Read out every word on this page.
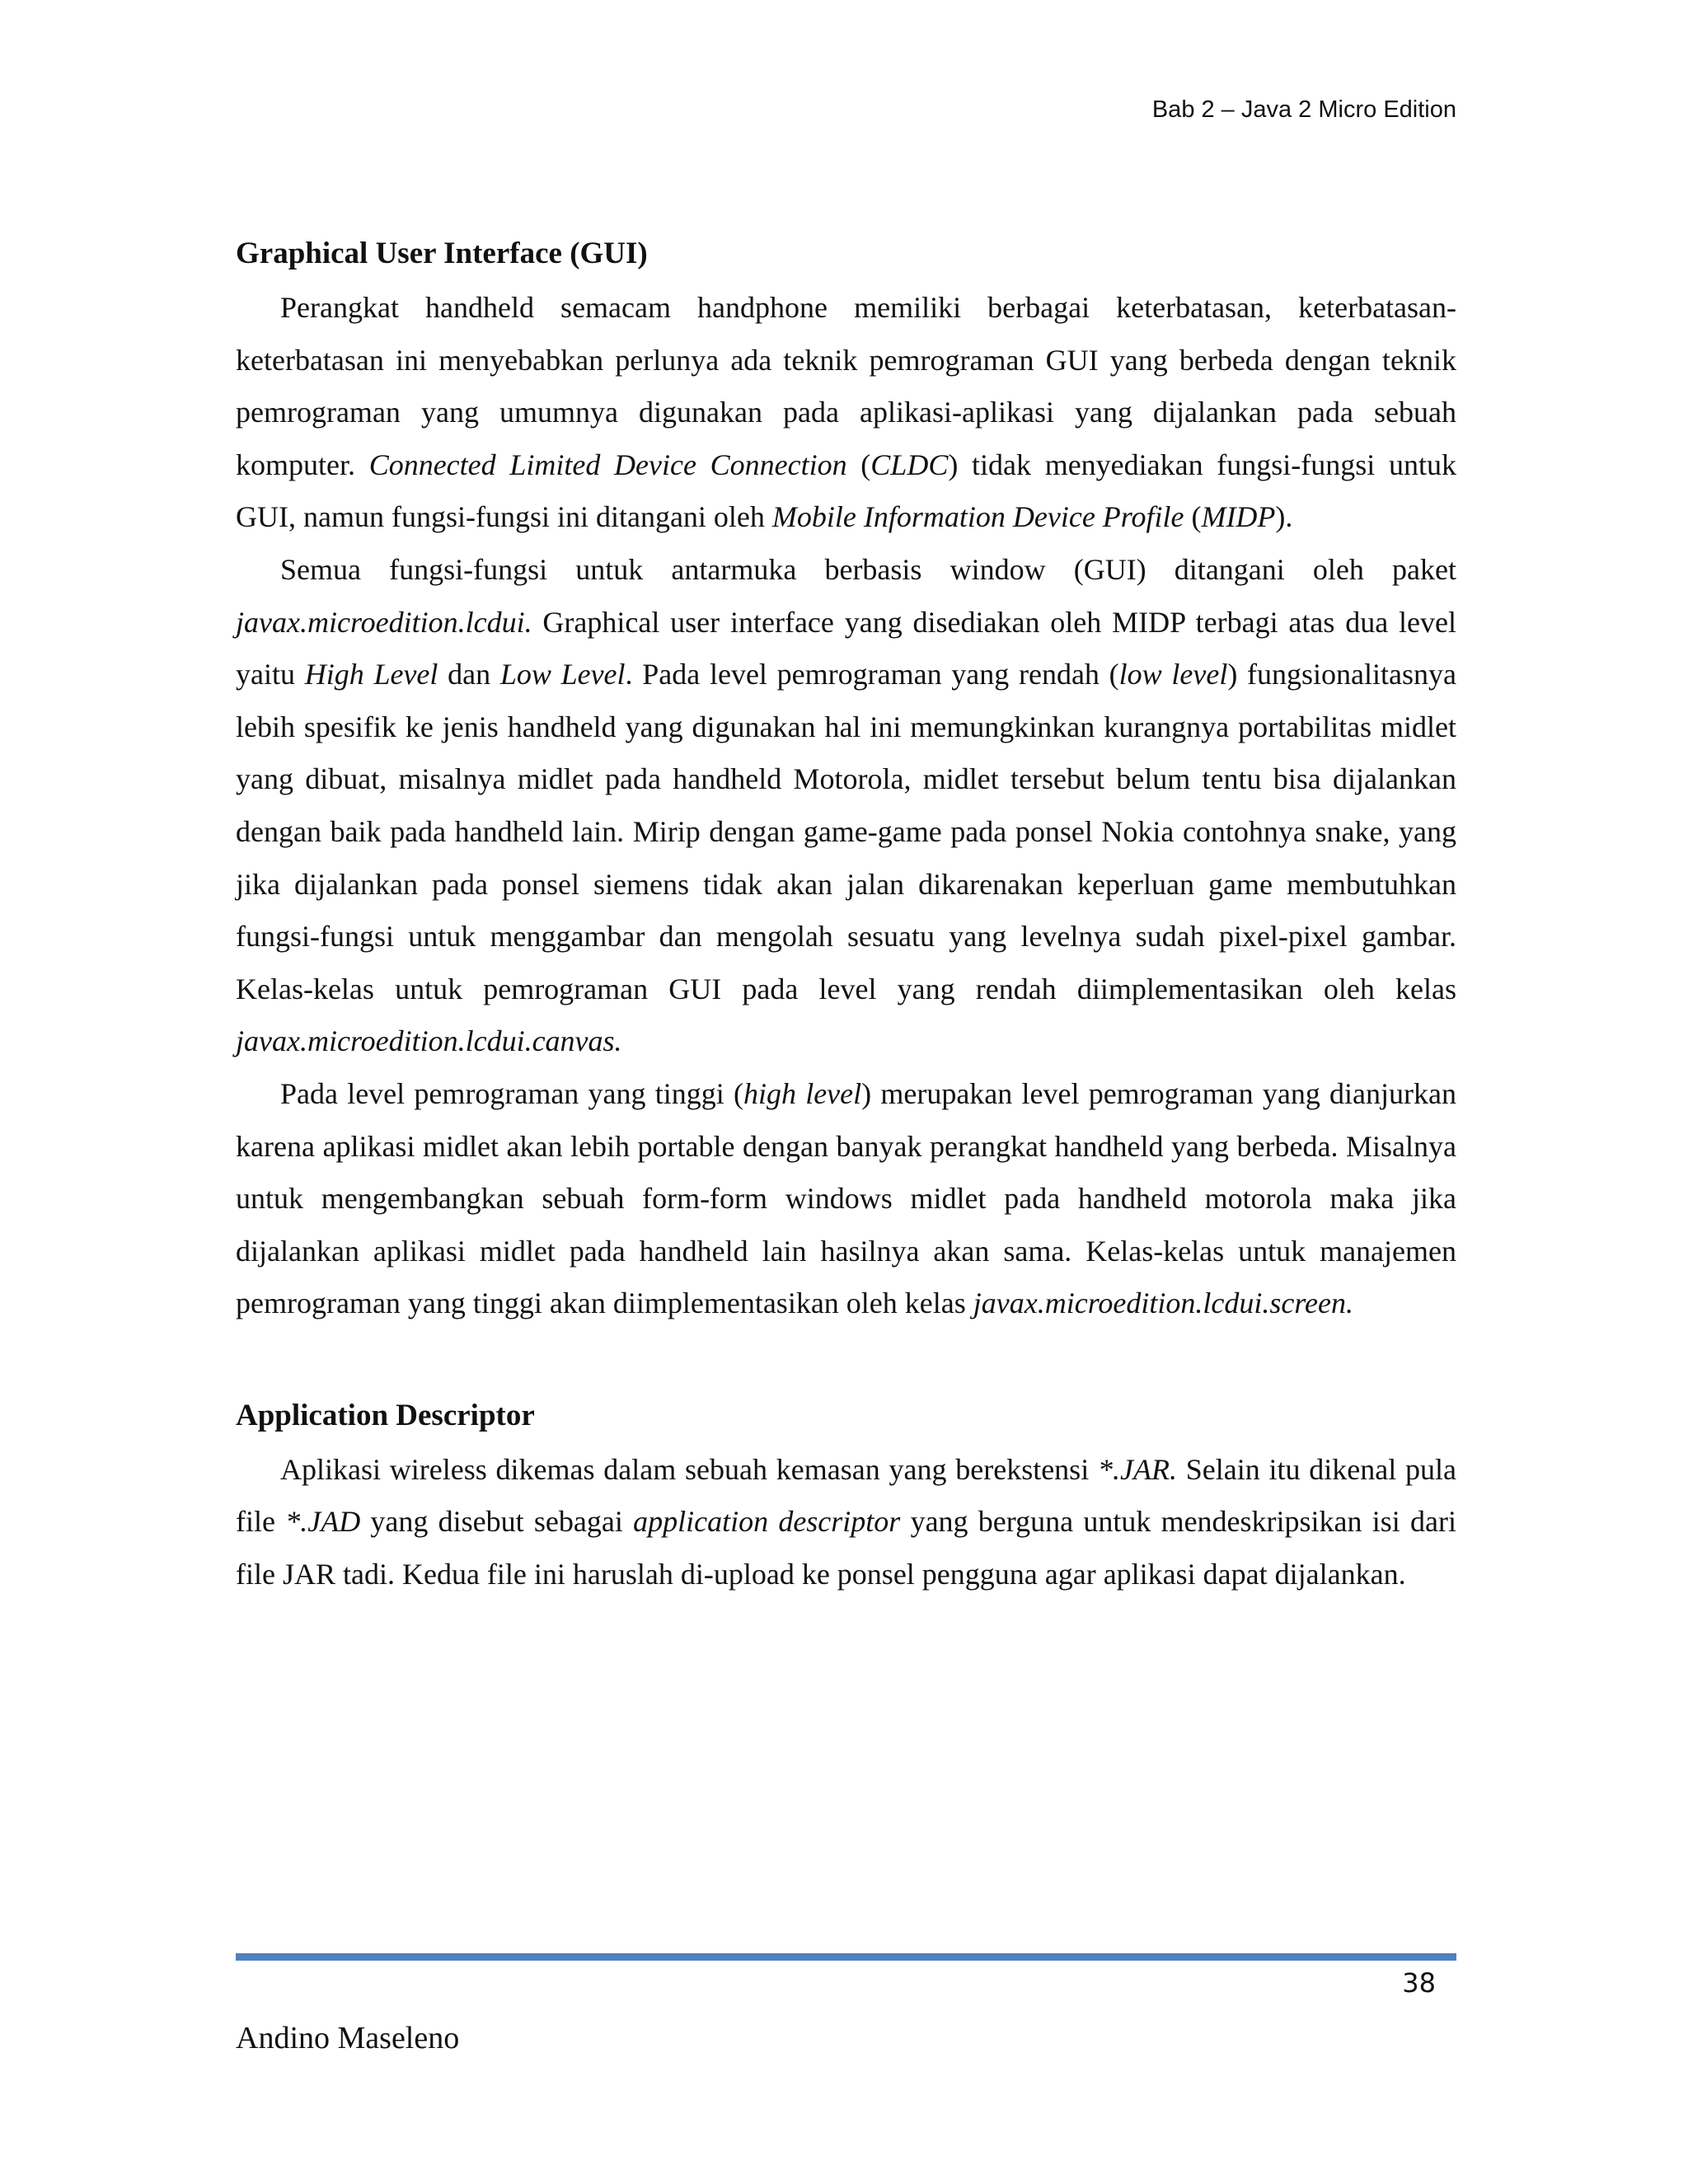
Bab 2 – Java 2 Micro Edition
Graphical User Interface (GUI)

Perangkat handheld semacam handphone memiliki berbagai keterbatasan, keterbatasan-keterbatasan ini menyebabkan perlunya ada teknik pemrograman GUI yang berbeda dengan teknik pemrograman yang umumnya digunakan pada aplikasi-aplikasi yang dijalankan pada sebuah komputer. Connected Limited Device Connection (CLDC) tidak menyediakan fungsi-fungsi untuk GUI, namun fungsi-fungsi ini ditangani oleh Mobile Information Device Profile (MIDP).

Semua fungsi-fungsi untuk antarmuka berbasis window (GUI) ditangani oleh paket javax.microedition.lcdui. Graphical user interface yang disediakan oleh MIDP terbagi atas dua level yaitu High Level dan Low Level. Pada level pemrograman yang rendah (low level) fungsionalitasnya lebih spesifik ke jenis handheld yang digunakan hal ini memungkinkan kurangnya portabilitas midlet yang dibuat, misalnya midlet pada handheld Motorola, midlet tersebut belum tentu bisa dijalankan dengan baik pada handheld lain. Mirip dengan game-game pada ponsel Nokia contohnya snake, yang jika dijalankan pada ponsel siemens tidak akan jalan dikarenakan keperluan game membutuhkan fungsi-fungsi untuk menggambar dan mengolah sesuatu yang levelnya sudah pixel-pixel gambar. Kelas-kelas untuk pemrograman GUI pada level yang rendah diimplementasikan oleh kelas javax.microedition.lcdui.canvas.

Pada level pemrograman yang tinggi (high level) merupakan level pemrograman yang dianjurkan karena aplikasi midlet akan lebih portable dengan banyak perangkat handheld yang berbeda. Misalnya untuk mengembangkan sebuah form-form windows midlet pada handheld motorola maka jika dijalankan aplikasi midlet pada handheld lain hasilnya akan sama. Kelas-kelas untuk manajemen pemrograman yang tinggi akan diimplementasikan oleh kelas javax.microedition.lcdui.screen.

Application Descriptor

Aplikasi wireless dikemas dalam sebuah kemasan yang berekstensi *.JAR. Selain itu dikenal pula file *.JAD yang disebut sebagai application descriptor yang berguna untuk mendeskripsikan isi dari file JAR tadi. Kedua file ini haruslah di-upload ke ponsel pengguna agar aplikasi dapat dijalankan.

38
Andino Maseleno
